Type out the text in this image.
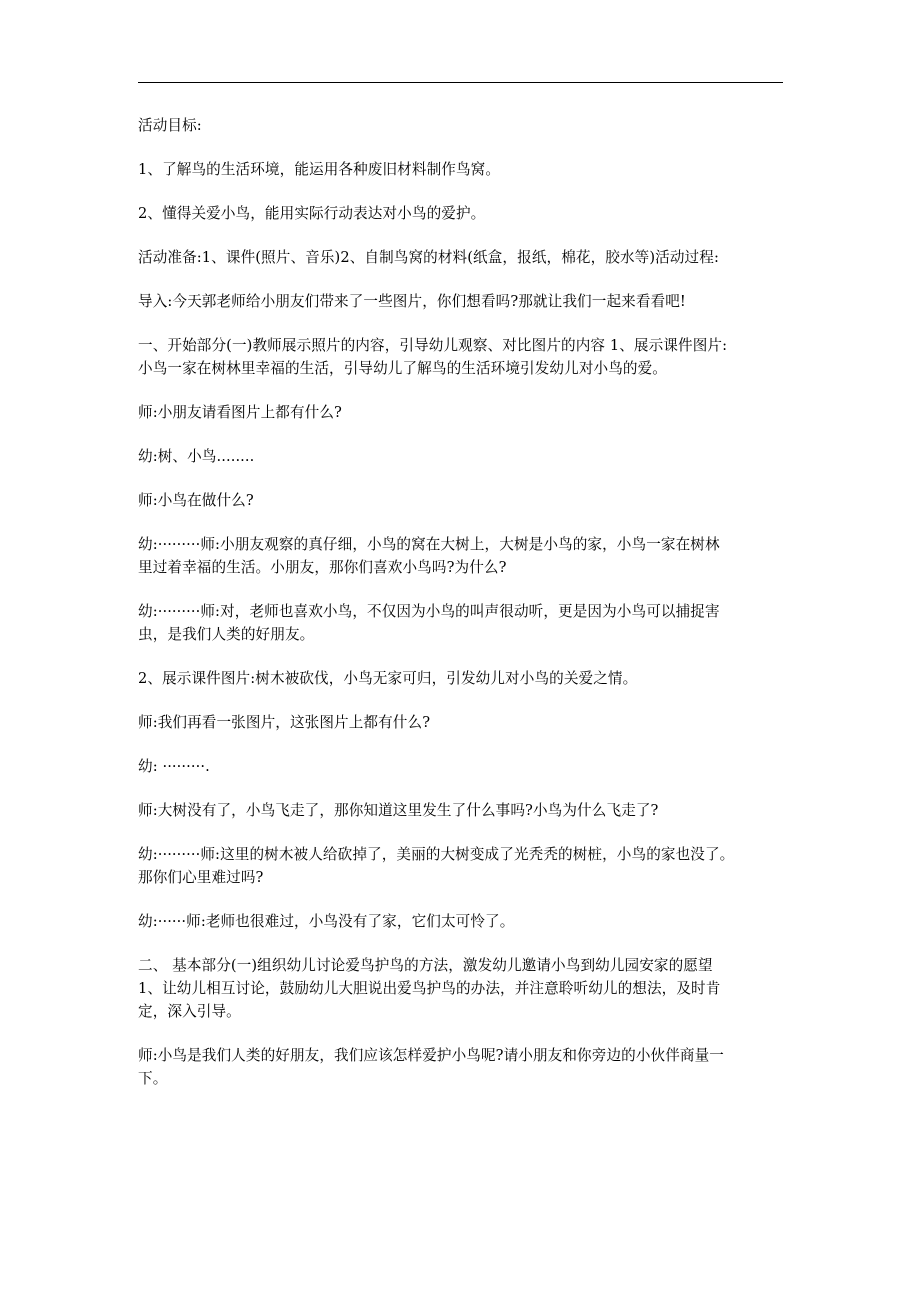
活动目标:

1、了解鸟的生活环境，能运用各种废旧材料制作鸟窝。

2、懂得关爱小鸟，能用实际行动表达对小鸟的爱护。

活动准备:1、课件(照片、音乐)2、自制鸟窝的材料(纸盒，报纸，棉花，胶水等)活动过程:

导入:今天郭老师给小朋友们带来了一些图片，你们想看吗?那就让我们一起来看看吧!

一、开始部分(一)教师展示照片的内容，引导幼儿观察、对比图片的内容 1、展示课件图片:
小鸟一家在树林里幸福的生活，引导幼儿了解鸟的生活环境引发幼儿对小鸟的爱。

师:小朋友请看图片上都有什么?

幼:树、小鸟........

师:小鸟在做什么?

幼:·········师:小朋友观察的真仔细，小鸟的窝在大树上，大树是小鸟的家，小鸟一家在树林
里过着幸福的生活。小朋友，那你们喜欢小鸟吗?为什么?

幼:·········师:对，老师也喜欢小鸟，不仅因为小鸟的叫声很动听，更是因为小鸟可以捕捉害
虫，是我们人类的好朋友。

2、展示课件图片:树木被砍伐，小鸟无家可归，引发幼儿对小鸟的关爱之情。

师:我们再看一张图片，这张图片上都有什么?

幼: ·········.

师:大树没有了，小鸟飞走了，那你知道这里发生了什么事吗?小鸟为什么飞走了?

幼:·········师:这里的树木被人给砍掉了，美丽的大树变成了光秃秃的树桩，小鸟的家也没了。
那你们心里难过吗?

幼:······师:老师也很难过，小鸟没有了家，它们太可怜了。

二、 基本部分(一)组织幼儿讨论爱鸟护鸟的方法，激发幼儿邀请小鸟到幼儿园安家的愿望
1、让幼儿相互讨论，鼓励幼儿大胆说出爱鸟护鸟的办法，并注意聆听幼儿的想法，及时肯
定，深入引导。

师:小鸟是我们人类的好朋友，我们应该怎样爱护小鸟呢?请小朋友和你旁边的小伙伴商量一
下。
